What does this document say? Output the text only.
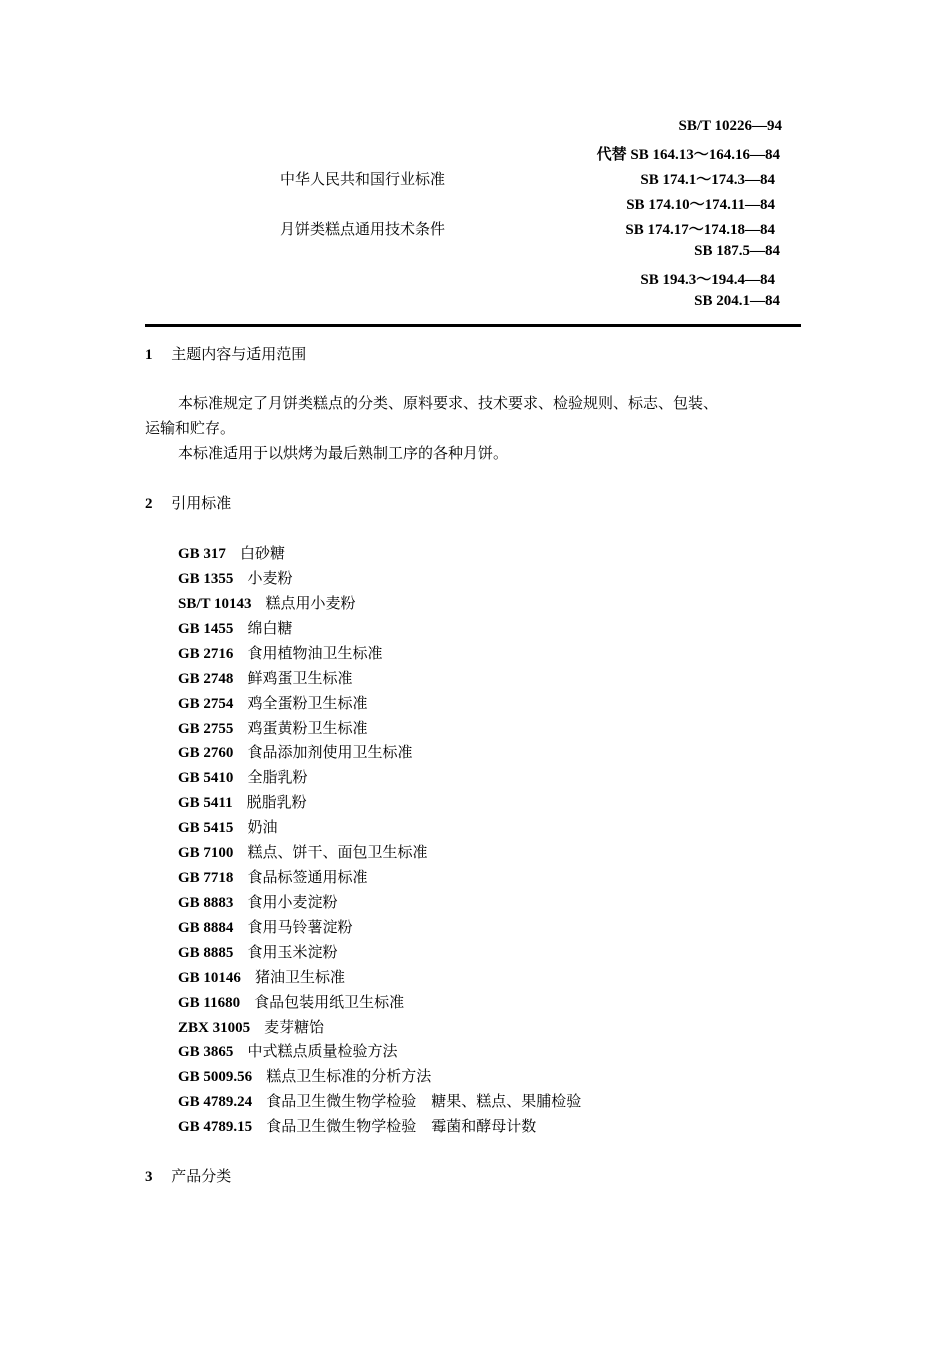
SB/T 10226—94
代替 SB 164.13～164.16—84
SB 174.1～174.3—84
SB 174.10～174.11—84
SB 174.17～174.18—84
SB 187.5—84
SB 194.3～194.4—84
SB 204.1—84
中华人民共和国行业标准
月饼类糕点通用技术条件
1 主题内容与适用范围
本标准规定了月饼类糕点的分类、原料要求、技术要求、检验规则、标志、包装、
运输和贮存。
本标准适用于以烘烤为最后熟制工序的各种月饼。
2 引用标准
GB 317 白砂糖
GB 1355 小麦粉
SB/T 10143 糕点用小麦粉
GB 1455 绵白糖
GB 2716 食用植物油卫生标准
GB 2748 鲜鸡蛋卫生标准
GB 2754 鸡全蛋粉卫生标准
GB 2755 鸡蛋黄粉卫生标准
GB 2760 食品添加剂使用卫生标准
GB 5410 全脂乳粉
GB 5411 脱脂乳粉
GB 5415 奶油
GB 7100 糕点、饼干、面包卫生标准
GB 7718 食品标签通用标准
GB 8883 食用小麦淀粉
GB 8884 食用马铃薯淀粉
GB 8885 食用玉米淀粉
GB 10146 猪油卫生标准
GB 11680 食品包装用纸卫生标准
ZBX 31005 麦芽糖饴
GB 3865 中式糕点质量检验方法
GB 5009.56 糕点卫生标准的分析方法
GB 4789.24 食品卫生微生物学检验　糖果、糕点、果脯检验
GB 4789.15 食品卫生微生物学检验　霉菌和酵母计数
3 产品分类
